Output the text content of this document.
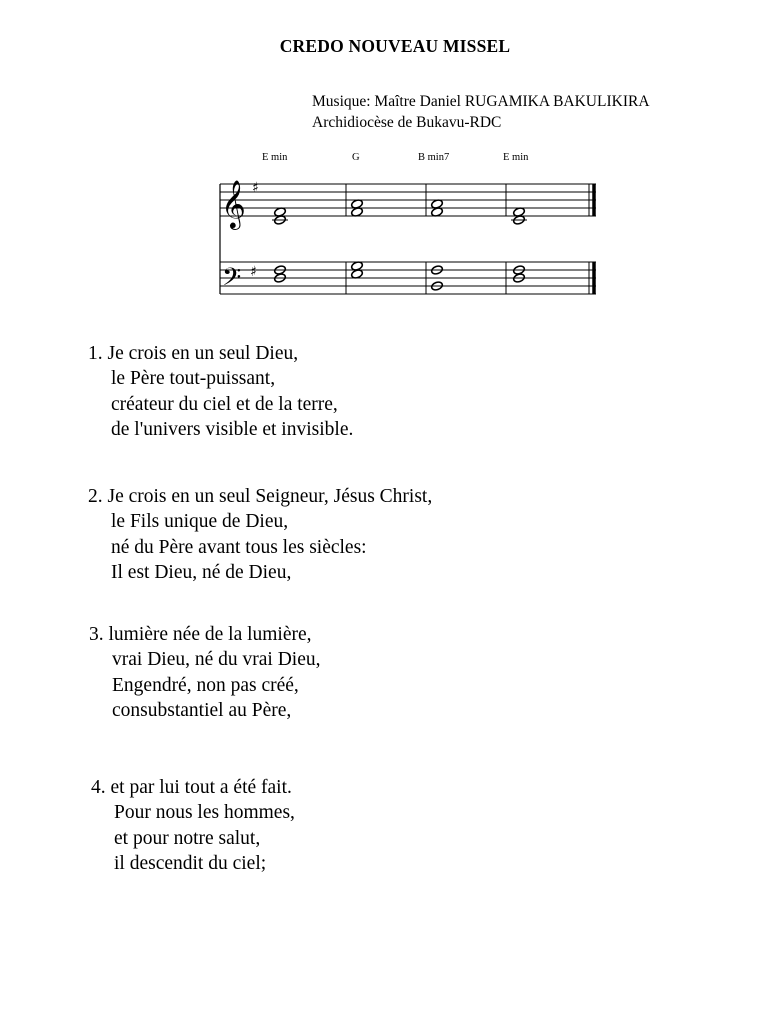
CREDO NOUVEAU MISSEL
Musique: Maître Daniel RUGAMIKA BAKULIKIRA
Archidiocèse de Bukavu-RDC
E min	G	B min7	E min
𝄞 ♯
𝄢 ♯
1. Je crois en un seul Dieu,
le Père tout-puissant,
créateur du ciel et de la terre,
de l'univers visible et invisible.
2. Je crois en un seul Seigneur, Jésus Christ,
le Fils unique de Dieu,
né du Père avant tous les siècles:
Il est Dieu, né de Dieu,
3. lumière née de la lumière,
vrai Dieu, né du vrai Dieu,
Engendré, non pas créé,
consubstantiel au Père,
4. et par lui tout a été fait.
Pour nous les hommes,
et pour notre salut,
il descendit du ciel;
